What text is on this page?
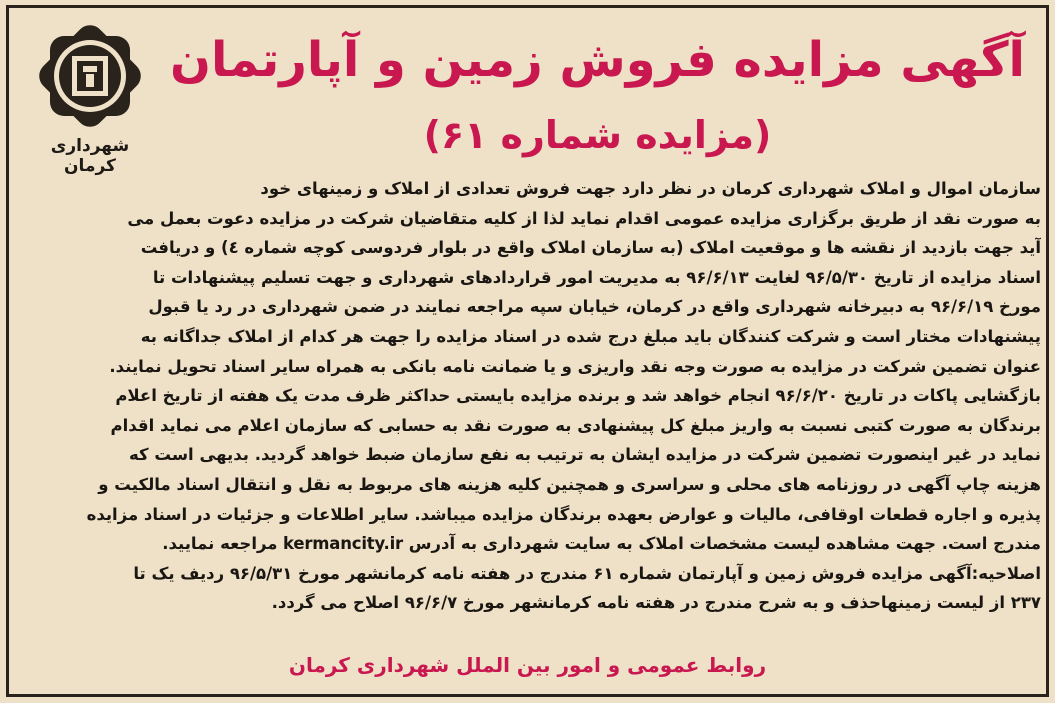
شهرداری کرمان
آگهی مزایده فروش زمین و آپارتمان
(مزایده شماره ۶۱)
سازمان اموال و املاک شهرداری کرمان در نظر دارد جهت فروش تعدادی از املاک و زمینهای خود
به صورت نقد از طریق برگزاری مزایده عمومی اقدام نماید لذا از کلیه متقاضیان شرکت در مزایده دعوت بعمل می
آید جهت بازدید از نقشه ها و موقعیت املاک (به سازمان املاک واقع در بلوار فردوسی کوچه شماره ٤) و دریافت
اسناد مزایده از تاریخ ۹۶/۵/۳۰ لغایت ۹۶/۶/۱۳ به مدیریت امور قراردادهای شهرداری و جهت تسلیم پیشنهادات تا
مورخ ۹۶/۶/۱۹ به دبیرخانه شهرداری واقع در کرمان، خیابان سپه مراجعه نمایند در ضمن شهرداری در رد یا قبول
پیشنهادات مختار است و شرکت کنندگان باید مبلغ درج شده در اسناد مزایده را جهت هر کدام از املاک جداگانه به
عنوان تضمین شرکت در مزایده به صورت وجه نقد واریزی و یا ضمانت نامه بانکی به همراه سایر اسناد تحویل نمایند.
بازگشایی پاکات در تاریخ ۹۶/۶/۲۰ انجام خواهد شد و برنده مزایده بایستی حداکثر ظرف مدت یک هفته از تاریخ اعلام
برندگان به صورت کتبی نسبت به واریز مبلغ کل پیشنهادی به صورت نقد به حسابی که سازمان اعلام می نماید اقدام
نماید در غیر اینصورت تضمین شرکت در مزایده ایشان به ترتیب به نفع سازمان ضبط خواهد گردید. بدیهی است که
هزینه چاپ آگهی در روزنامه های محلی و سراسری و همچنین کلیه هزینه های مربوط به نقل و انتقال اسناد مالکیت و
پذیره و اجاره قطعات اوقافی، مالیات و عوارض بعهده برندگان مزایده میباشد. سایر اطلاعات و جزئیات در اسناد مزایده
مندرج است. جهت مشاهده لیست مشخصات املاک به سایت شهرداری به آدرس kermancity.ir مراجعه نمایید.
اصلاحیه:آگهی مزایده فروش زمین و آپارتمان شماره ۶۱ مندرج در هفته نامه کرمانشهر مورخ ۹۶/۵/۳۱ ردیف یک تا
۲۳۷ از لیست زمینهاحذف و به شرح مندرج در هفته نامه کرمانشهر مورخ ۹۶/۶/۷ اصلاح می گردد.
روابط عمومی و امور بین الملل شهرداری کرمان
